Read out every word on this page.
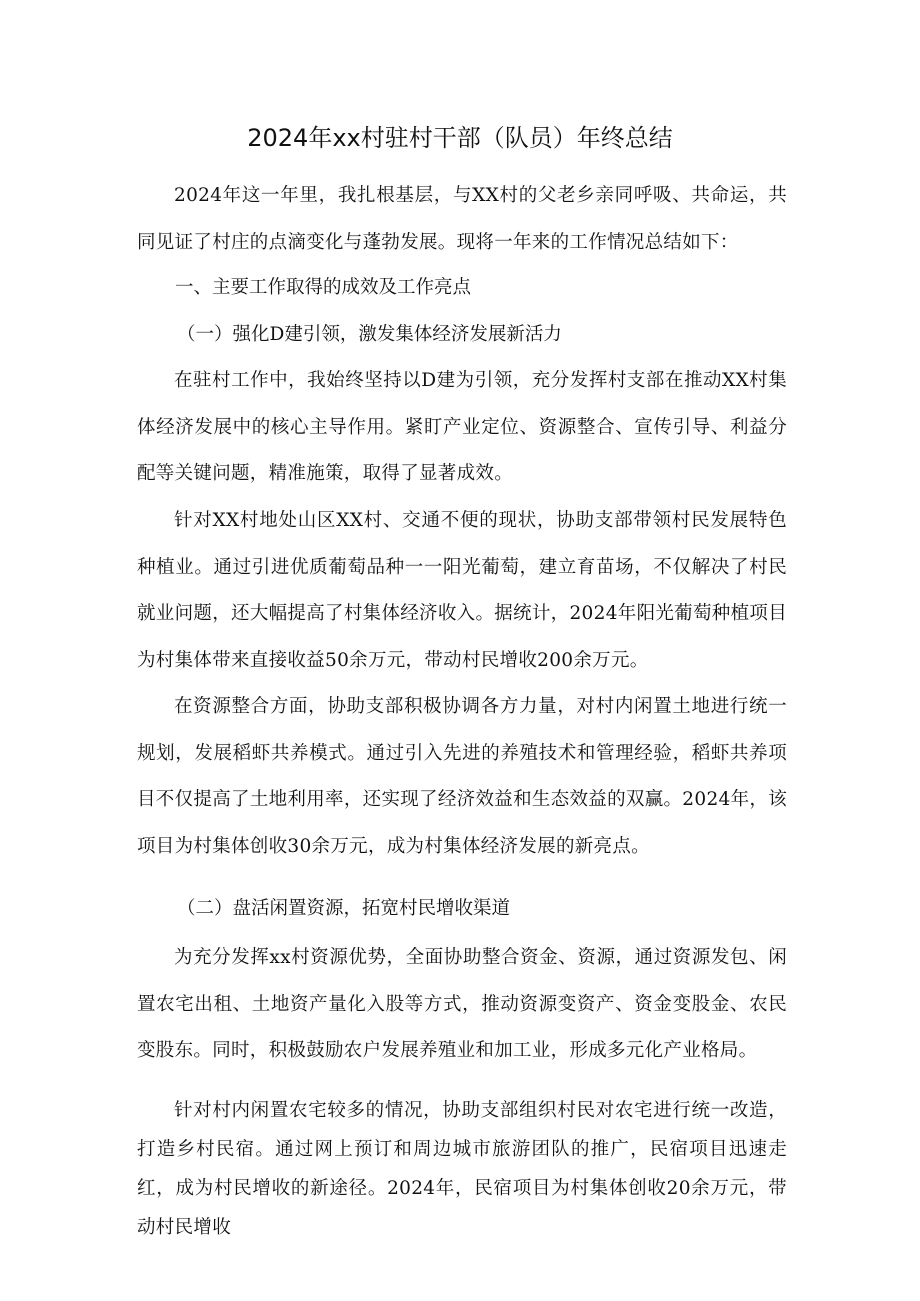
2024年xx村驻村干部（队员）年终总结

2024年这一年里，我扎根基层，与XX村的父老乡亲同呼吸、共命运，共同见证了村庄的点滴变化与蓬勃发展。现将一年来的工作情况总结如下：

一、主要工作取得的成效及工作亮点

（一）强化D建引领，激发集体经济发展新活力

在驻村工作中，我始终坚持以D建为引领，充分发挥村支部在推动XX村集体经济发展中的核心主导作用。紧盯产业定位、资源整合、宣传引导、利益分配等关键问题，精准施策，取得了显著成效。

针对XX村地处山区XX村、交通不便的现状，协助支部带领村民发展特色种植业。通过引进优质葡萄品种一一阳光葡萄，建立育苗场，不仅解决了村民就业问题，还大幅提高了村集体经济收入。据统计，2024年阳光葡萄种植项目为村集体带来直接收益50余万元，带动村民增收200余万元。

在资源整合方面，协助支部积极协调各方力量，对村内闲置土地进行统一规划，发展稻虾共养模式。通过引入先进的养殖技术和管理经验，稻虾共养项目不仅提高了土地利用率，还实现了经济效益和生态效益的双赢。2024年，该项目为村集体创收30余万元，成为村集体经济发展的新亮点。

（二）盘活闲置资源，拓宽村民增收渠道

为充分发挥xx村资源优势，全面协助整合资金、资源，通过资源发包、闲置农宅出租、土地资产量化入股等方式，推动资源变资产、资金变股金、农民变股东。同时，积极鼓励农户发展养殖业和加工业，形成多元化产业格局。

针对村内闲置农宅较多的情况，协助支部组织村民对农宅进行统一改造，打造乡村民宿。通过网上预订和周边城市旅游团队的推广，民宿项目迅速走红，成为村民增收的新途径。2024年，民宿项目为村集体创收20余万元，带动村民增收
